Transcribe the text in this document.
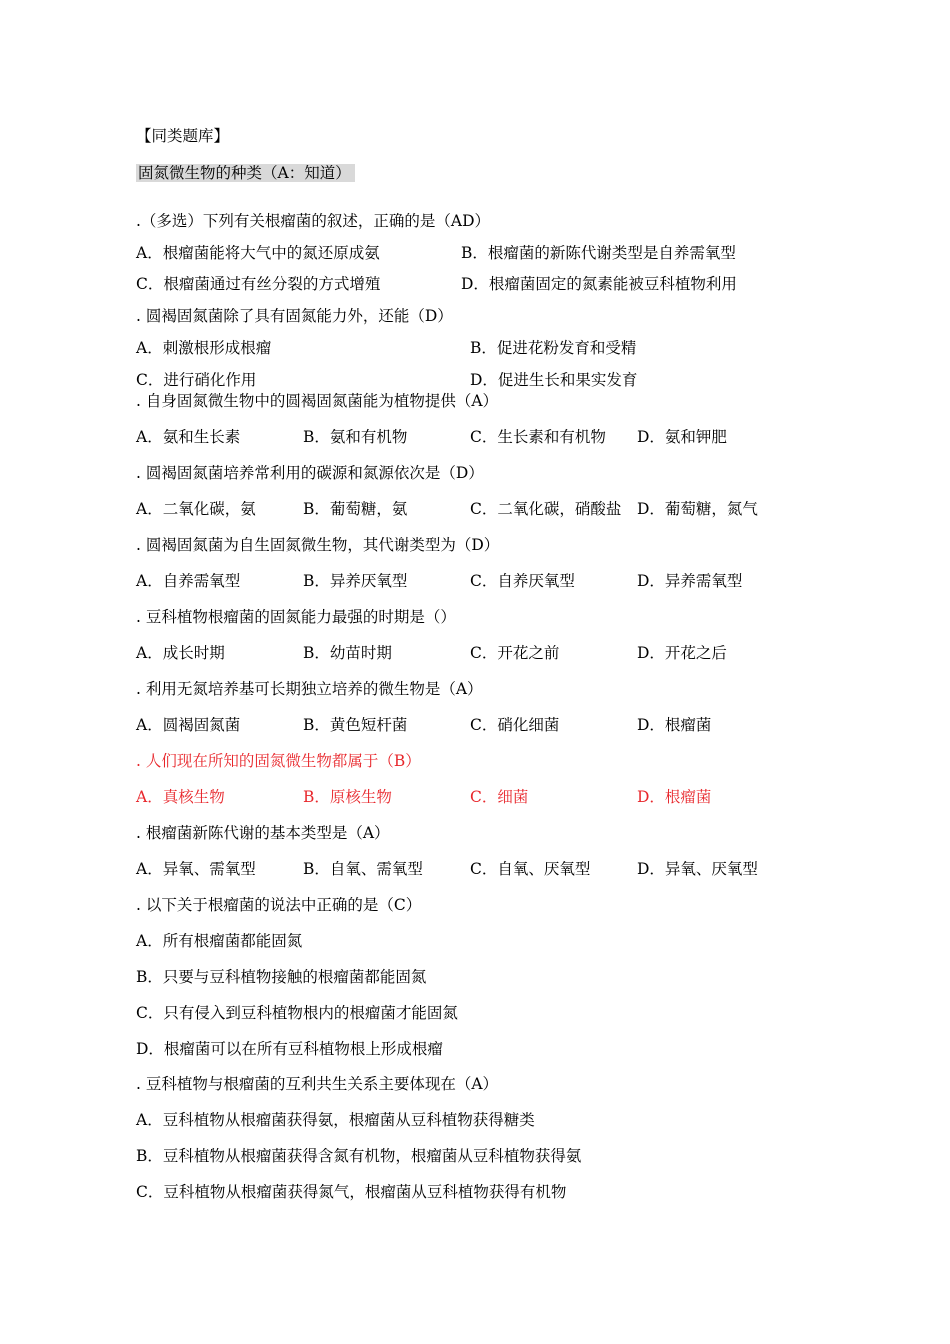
【同类题库】
固氮微生物的种类（A：知道）
.（多选）下列有关根瘤菌的叙述，正确的是（AD）
A．根瘤菌能将大气中的氮还原成氨	B．根瘤菌的新陈代谢类型是自养需氧型
C．根瘤菌通过有丝分裂的方式增殖	D．根瘤菌固定的氮素能被豆科植物利用
. 圆褐固氮菌除了具有固氮能力外，还能（D）
A．刺激根形成根瘤	B．促进花粉发育和受精
C．进行硝化作用	D．促进生长和果实发育
. 自身固氮微生物中的圆褐固氮菌能为植物提供（A）
A．氨和生长素	B．氨和有机物	C．生长素和有机物 D．氨和钾肥
. 圆褐固氮菌培养常利用的碳源和氮源依次是（D）
A．二氧化碳，氨	B．葡萄糖，氨	C．二氧化碳，硝酸盐 D．葡萄糖，氮气
. 圆褐固氮菌为自生固氮微生物，其代谢类型为（D）
A．自养需氧型	B．异养厌氧型	C．自养厌氧型	D．异养需氧型
. 豆科植物根瘤菌的固氮能力最强的时期是（）
A．成长时期	B．幼苗时期	C．开花之前	D．开花之后
. 利用无氮培养基可长期独立培养的微生物是（A）
A．圆褐固氮菌	B．黄色短杆菌	C．硝化细菌	D．根瘤菌
. 人们现在所知的固氮微生物都属于（B）
A．真核生物	B．原核生物	C．细菌	D．根瘤菌
. 根瘤菌新陈代谢的基本类型是（A）
A．异氧、需氧型	B．自氧、需氧型	C．自氧、厌氧型	D．异氧、厌氧型
. 以下关于根瘤菌的说法中正确的是（C）
A．所有根瘤菌都能固氮
B．只要与豆科植物接触的根瘤菌都能固氮
C．只有侵入到豆科植物根内的根瘤菌才能固氮
D．根瘤菌可以在所有豆科植物根上形成根瘤
. 豆科植物与根瘤菌的互利共生关系主要体现在（A）
A．豆科植物从根瘤菌获得氨，根瘤菌从豆科植物获得糖类
B．豆科植物从根瘤菌获得含氮有机物，根瘤菌从豆科植物获得氨
C．豆科植物从根瘤菌获得氮气，根瘤菌从豆科植物获得有机物
